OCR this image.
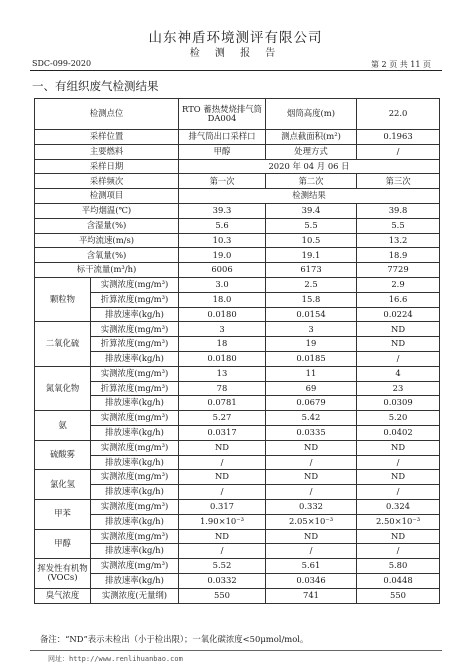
山东神盾环境测评有限公司
检 测 报 告
SDC-099-2020	第 2 页 共 11 页
一、有组织废气检测结果
检测点位		RTO 蓄热焚烧排气筒DA004	烟筒高度(m)	22.0
采样位置		排气筒出口采样口	测点截面积(m²)	0.1963
主要燃料		甲醇	处理方式	/
采样日期		2020 年 04 月 06 日		
采样频次		第一次	第二次	第三次
检测项目		检测结果		
平均烟温(℃)		39.3	39.4	39.8
含湿量(%)		5.6	5.5	5.5
平均流速(m/s)		10.3	10.5	13.2
含氧量(%)		19.0	19.1	18.9
标干流量(m³/h)		6006	6173	7729
颗粒物	实测浓度(mg/m³)	3.0	2.5	2.9
	折算浓度(mg/m³)	18.0	15.8	16.6
	排放速率(kg/h)	0.0180	0.0154	0.0224
二氧化硫	实测浓度(mg/m³)	3	3	ND
	折算浓度(mg/m³)	18	19	ND
	排放速率(kg/h)	0.0180	0.0185	/
氮氧化物	实测浓度(mg/m³)	13	11	4
	折算浓度(mg/m³)	78	69	23
	排放速率(kg/h)	0.0781	0.0679	0.0309
氨	实测浓度(mg/m³)	5.27	5.42	5.20
	排放速率(kg/h)	0.0317	0.0335	0.0402
硫酸雾	实测浓度(mg/m³)	ND	ND	ND
	排放速率(kg/h)	/	/	/
氯化氢	实测浓度(mg/m³)	ND	ND	ND
	排放速率(kg/h)	/	/	/
甲苯	实测浓度(mg/m³)	0.317	0.332	0.324
	排放速率(kg/h)	1.90×10⁻³	2.05×10⁻³	2.50×10⁻³
甲醇	实测浓度(mg/m³)	ND	ND	ND
	排放速率(kg/h)	/	/	/
挥发性有机物(VOCs)	实测浓度(mg/m³)	5.52	5.61	5.80
	排放速率(kg/h)	0.0332	0.0346	0.0448
臭气浓度	实测浓度(无量纲)	550	741	550
备注：“ND”表示未检出（小于检出限）；一氧化碳浓度<50μmol/mol。
网址：http://www.renlihuanbao.com
